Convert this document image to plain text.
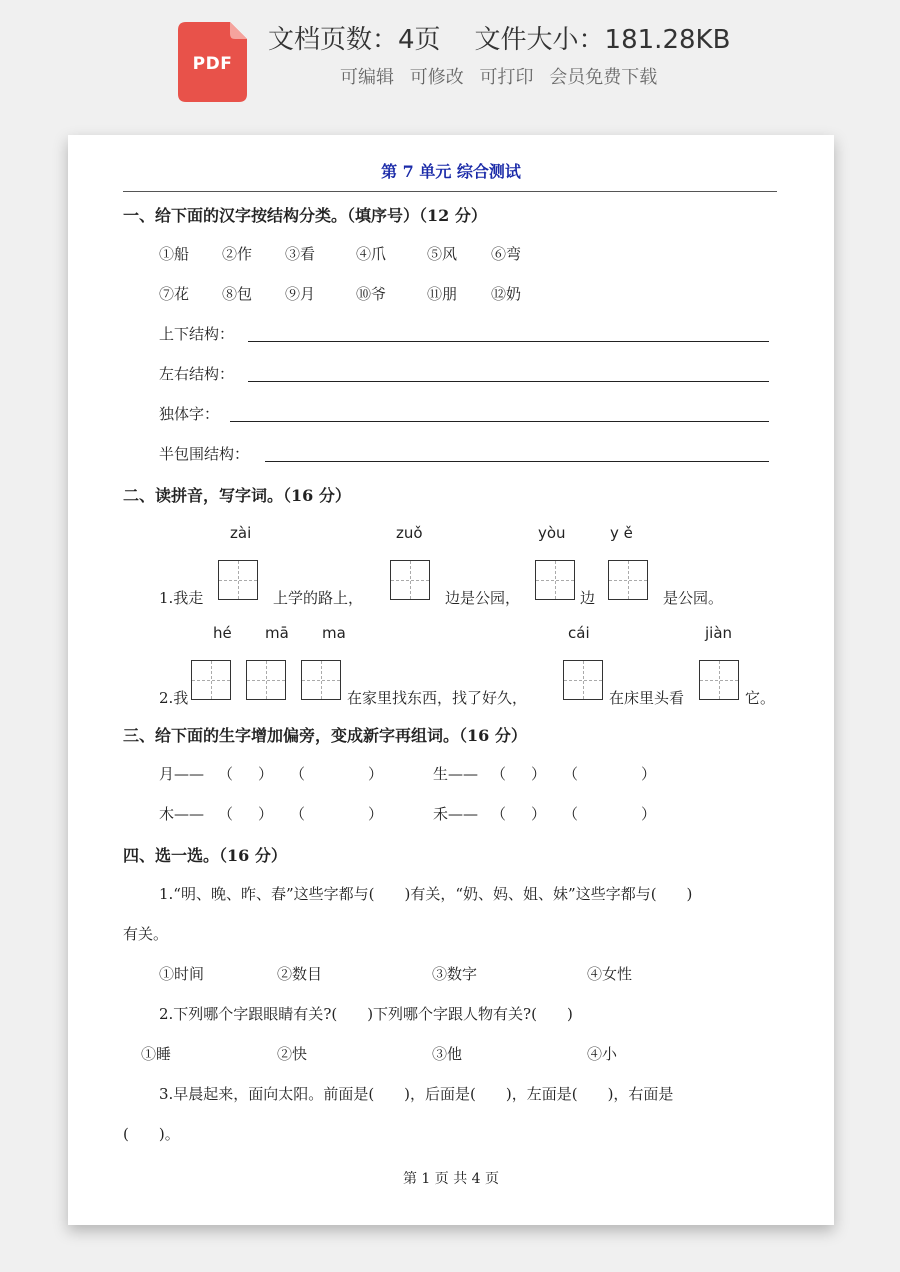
PDF
文档页数：4页 文件大小：181.28KB
可编辑 可修改 可打印 会员免费下载
第 7 单元 综合测试
一、给下面的汉字按结构分类。（填序号）（12 分）
①船 ②作 ③看	④爪	⑤风 ⑥弯
⑦花 ⑧包 ⑨月	⑩爷	⑪朋 ⑫奶
上下结构：
左右结构：
独体字：
半包围结构：
二、读拼音，写字词。（16 分）
zài	zuǒ	yòu	y ě
1.我走	上学的路上，	边是公园，	边	是公园。
hé mā ma	cái	jiàn
2.我	在家里找东西，找了好久，	在床里头看	它。
三、给下面的生字增加偏旁，变成新字再组词。（16 分）
月—— （ ） （	）	生—— （ ） （	）
木—— （ ） （	）	禾—— （ ） （	）
四、选一选。（16 分）
1.“明、晚、昨、春”这些字都与(　　)有关，“奶、妈、姐、妹”这些字都与(　　)
有关。
①时间	②数目	③数字	④女性
2.下列哪个字跟眼睛有关?(　　)下列哪个字跟人物有关?(　　)
①睡	②快	③他	④小
3.早晨起来，面向太阳。前面是(　　)，后面是(　　)，左面是(　　)，右面是
(　　)。
第 1 页 共 4 页
